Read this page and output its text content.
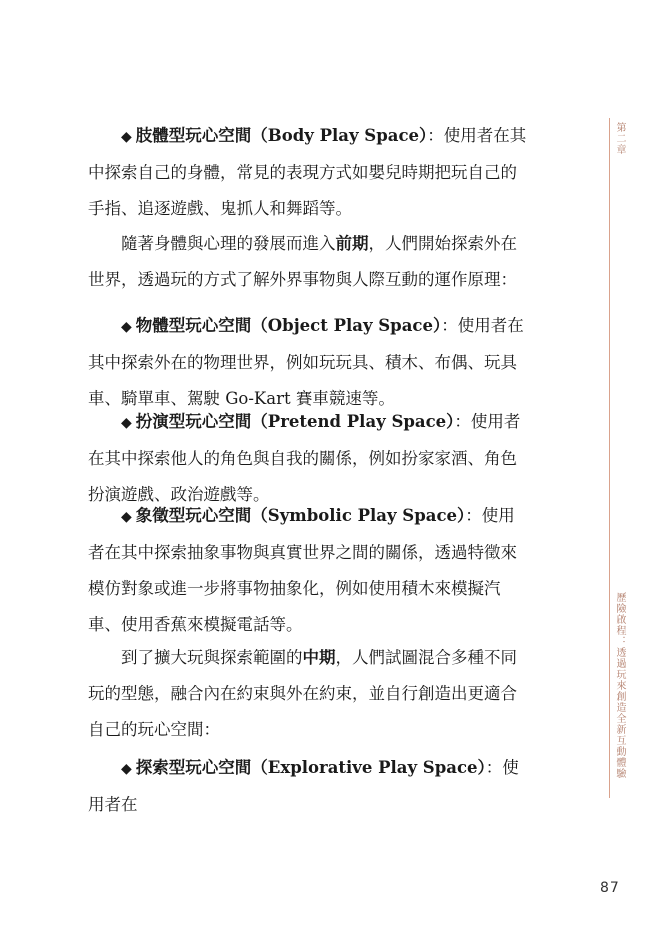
◆ 肢體型玩心空間（Body Play Space）：使用者在其中探索自己的身體，常見的表現方式如嬰兒時期把玩自己的手指、追逐遊戲、鬼抓人和舞蹈等。

隨著身體與心理的發展而進入前期，人們開始探索外在世界，透過玩的方式了解外界事物與人際互動的運作原理：

◆ 物體型玩心空間（Object Play Space）：使用者在其中探索外在的物理世界，例如玩玩具、積木、布偶、玩具車、騎單車、駕駛 Go-Kart 賽車競速等。

◆ 扮演型玩心空間（Pretend Play Space）：使用者在其中探索他人的角色與自我的關係，例如扮家家酒、角色扮演遊戲、政治遊戲等。

◆ 象徵型玩心空間（Symbolic Play Space）：使用者在其中探索抽象事物與真實世界之間的關係，透過特徵來模仿對象或進一步將事物抽象化，例如使用積木來模擬汽車、使用香蕉來模擬電話等。

到了擴大玩與探索範圍的中期，人們試圖混合多種不同玩的型態，融合內在約束與外在約束，並自行創造出更適合自己的玩心空間：

◆ 探索型玩心空間（Explorative Play Space）：使用者在

第二章
歷險啟程：透過玩來創造全新互動體驗
87
